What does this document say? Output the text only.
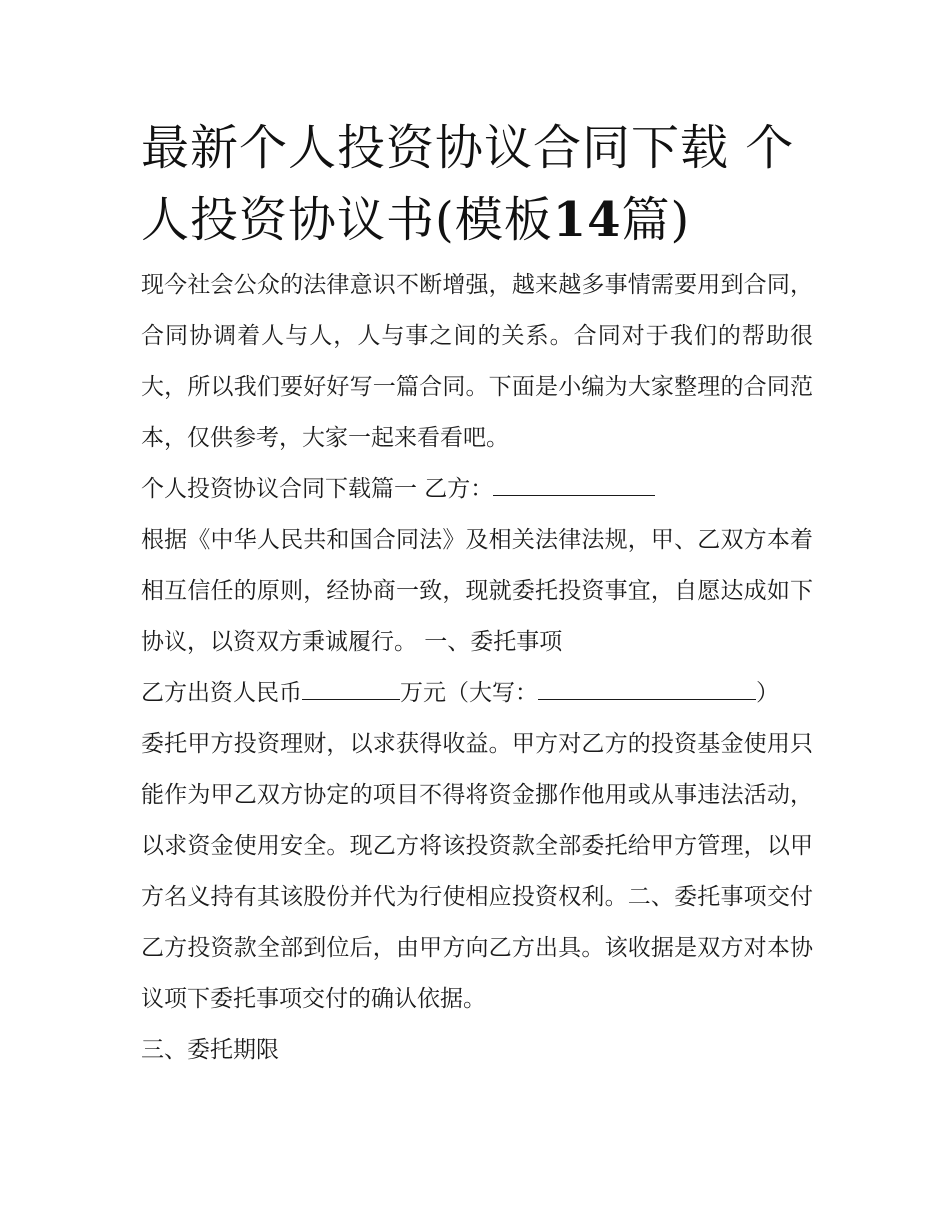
最新个人投资协议合同下载 个人投资协议书(模板14篇)

现今社会公众的法律意识不断增强，越来越多事情需要用到合同，合同协调着人与人，人与事之间的关系。合同对于我们的帮助很大，所以我们要好好写一篇合同。下面是小编为大家整理的合同范本，仅供参考，大家一起来看看吧。

个人投资协议合同下载篇一 乙方：

根据《中华人民共和国合同法》及相关法律法规，甲、乙双方本着相互信任的原则，经协商一致，现就委托投资事宜，自愿达成如下协议，以资双方秉诚履行。 一、委托事项

乙方出资人民币	万元（大写：	）

委托甲方投资理财，以求获得收益。甲方对乙方的投资基金使用只能作为甲乙双方协定的项目不得将资金挪作他用或从事违法活动，以求资金使用安全。现乙方将该投资款全部委托给甲方管理，以甲方名义持有其该股份并代为行使相应投资权利。二、委托事项交付 乙方投资款全部到位后，由甲方向乙方出具。该收据是双方对本协议项下委托事项交付的确认依据。

三、委托期限
